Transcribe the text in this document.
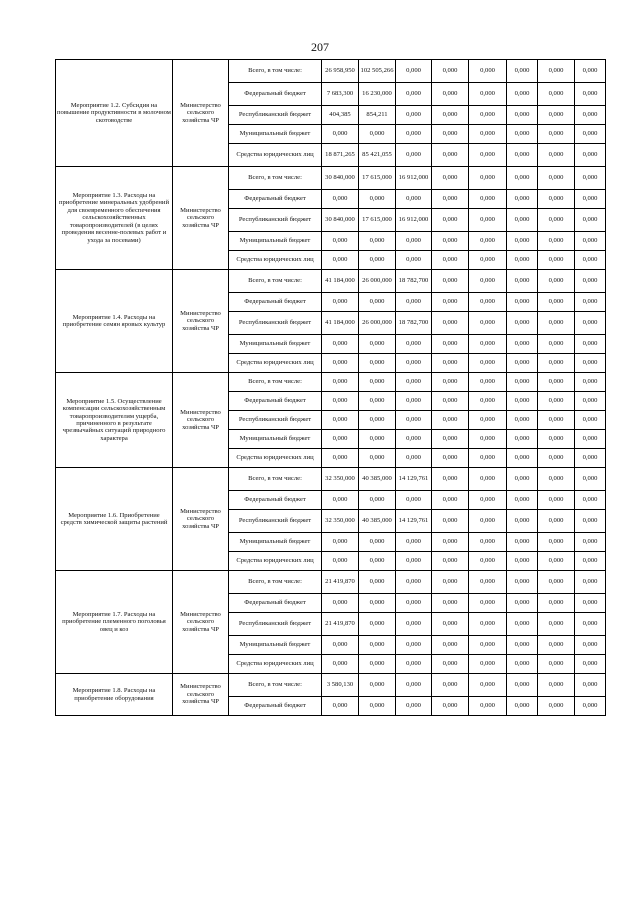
207
Мероприятие 1.2. Субсидия на повышение продуктивности в молочном скотоводстве	Министерство сельского хозяйства ЧР	Всего, в том числе:	26 958,950	102 505,266	0,000	0,000	0,000	0,000	0,000	0,000
		Федеральный бюджет	7 683,300	16 230,000	0,000	0,000	0,000	0,000	0,000	0,000
		Республиканский бюджет	404,385	854,211	0,000	0,000	0,000	0,000	0,000	0,000
		Муниципальный бюджет	0,000	0,000	0,000	0,000	0,000	0,000	0,000	0,000
		Средства юридических лиц	18 871,265	85 421,055	0,000	0,000	0,000	0,000	0,000	0,000
Мероприятие 1.3. Расходы на приобретение минеральных удобрений для своевременного обеспечения сельскохозяйственных товаропроизводителей (в целях проведения весенне-полевых работ и ухода за посевами)	Министерство сельского хозяйства ЧР	Всего, в том числе:	30 840,000	17 615,000	16 912,000	0,000	0,000	0,000	0,000	0,000
		Федеральный бюджет	0,000	0,000	0,000	0,000	0,000	0,000	0,000	0,000
		Республиканский бюджет	30 840,000	17 615,000	16 912,000	0,000	0,000	0,000	0,000	0,000
		Муниципальный бюджет	0,000	0,000	0,000	0,000	0,000	0,000	0,000	0,000
		Средства юридических лиц	0,000	0,000	0,000	0,000	0,000	0,000	0,000	0,000
Мероприятие 1.4. Расходы на приобретение семян яровых культур	Министерство сельского хозяйства ЧР	Всего, в том числе:	41 184,000	26 000,000	18 782,700	0,000	0,000	0,000	0,000	0,000
		Федеральный бюджет	0,000	0,000	0,000	0,000	0,000	0,000	0,000	0,000
		Республиканский бюджет	41 184,000	26 000,000	18 782,700	0,000	0,000	0,000	0,000	0,000
		Муниципальный бюджет	0,000	0,000	0,000	0,000	0,000	0,000	0,000	0,000
		Средства юридических лиц	0,000	0,000	0,000	0,000	0,000	0,000	0,000	0,000
Мероприятие 1.5. Осуществление компенсации сельскохозяйственным товаропроизводителям ущерба, причиненного в результате чрезвычайных ситуаций природного характера	Министерство сельского хозяйства ЧР	Всего, в том числе:	0,000	0,000	0,000	0,000	0,000	0,000	0,000	0,000
		Федеральный бюджет	0,000	0,000	0,000	0,000	0,000	0,000	0,000	0,000
		Республиканский бюджет	0,000	0,000	0,000	0,000	0,000	0,000	0,000	0,000
		Муниципальный бюджет	0,000	0,000	0,000	0,000	0,000	0,000	0,000	0,000
		Средства юридических лиц	0,000	0,000	0,000	0,000	0,000	0,000	0,000	0,000
Мероприятие 1.6. Приобретение средств химической защиты растений	Министерство сельского хозяйства ЧР	Всего, в том числе:	32 350,000	40 385,000	14 129,761	0,000	0,000	0,000	0,000	0,000
		Федеральный бюджет	0,000	0,000	0,000	0,000	0,000	0,000	0,000	0,000
		Республиканский бюджет	32 350,000	40 385,000	14 129,761	0,000	0,000	0,000	0,000	0,000
		Муниципальный бюджет	0,000	0,000	0,000	0,000	0,000	0,000	0,000	0,000
		Средства юридических лиц	0,000	0,000	0,000	0,000	0,000	0,000	0,000	0,000
Мероприятие 1.7. Расходы на приобретение племенного поголовья овец и коз	Министерство сельского хозяйства ЧР	Всего, в том числе:	21 419,870	0,000	0,000	0,000	0,000	0,000	0,000	0,000
		Федеральный бюджет	0,000	0,000	0,000	0,000	0,000	0,000	0,000	0,000
		Республиканский бюджет	21 419,870	0,000	0,000	0,000	0,000	0,000	0,000	0,000
		Муниципальный бюджет	0,000	0,000	0,000	0,000	0,000	0,000	0,000	0,000
		Средства юридических лиц	0,000	0,000	0,000	0,000	0,000	0,000	0,000	0,000
Мероприятие 1.8. Расходы на приобретение оборудования	Министерство сельского хозяйства ЧР	Всего, в том числе:	3 580,130	0,000	0,000	0,000	0,000	0,000	0,000	0,000
		Федеральный бюджет	0,000	0,000	0,000	0,000	0,000	0,000	0,000	0,000
